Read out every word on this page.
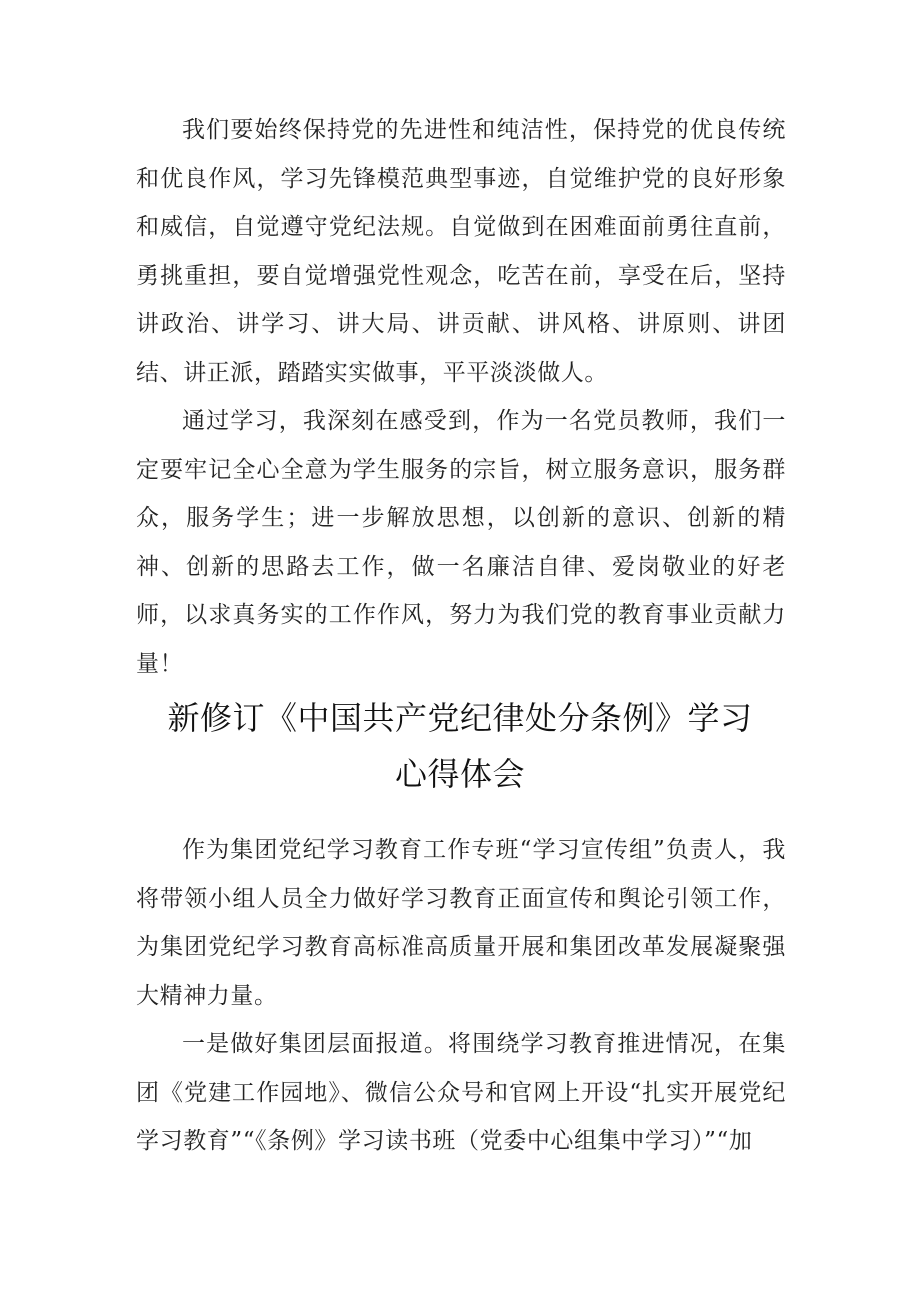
我们要始终保持党的先进性和纯洁性，保持党的优良传统和优良作风，学习先锋模范典型事迹，自觉维护党的良好形象和威信，自觉遵守党纪法规。自觉做到在困难面前勇往直前，勇挑重担，要自觉增强党性观念，吃苦在前，享受在后，坚持讲政治、讲学习、讲大局、讲贡献、讲风格、讲原则、讲团结、讲正派，踏踏实实做事，平平淡淡做人。

通过学习，我深刻在感受到，作为一名党员教师，我们一定要牢记全心全意为学生服务的宗旨，树立服务意识，服务群众，服务学生；进一步解放思想，以创新的意识、创新的精神、创新的思路去工作，做一名廉洁自律、爱岗敬业的好老师，以求真务实的工作作风，努力为我们党的教育事业贡献力量！

新修订《中国共产党纪律处分条例》学习
心得体会

作为集团党纪学习教育工作专班“学习宣传组”负责人，我将带领小组人员全力做好学习教育正面宣传和舆论引领工作，为集团党纪学习教育高标准高质量开展和集团改革发展凝聚强大精神力量。

一是做好集团层面报道。将围绕学习教育推进情况，在集团《党建工作园地》、微信公众号和官网上开设“扎实开展党纪学习教育”“《条例》学习读书班（党委中心组集中学习）”“加
